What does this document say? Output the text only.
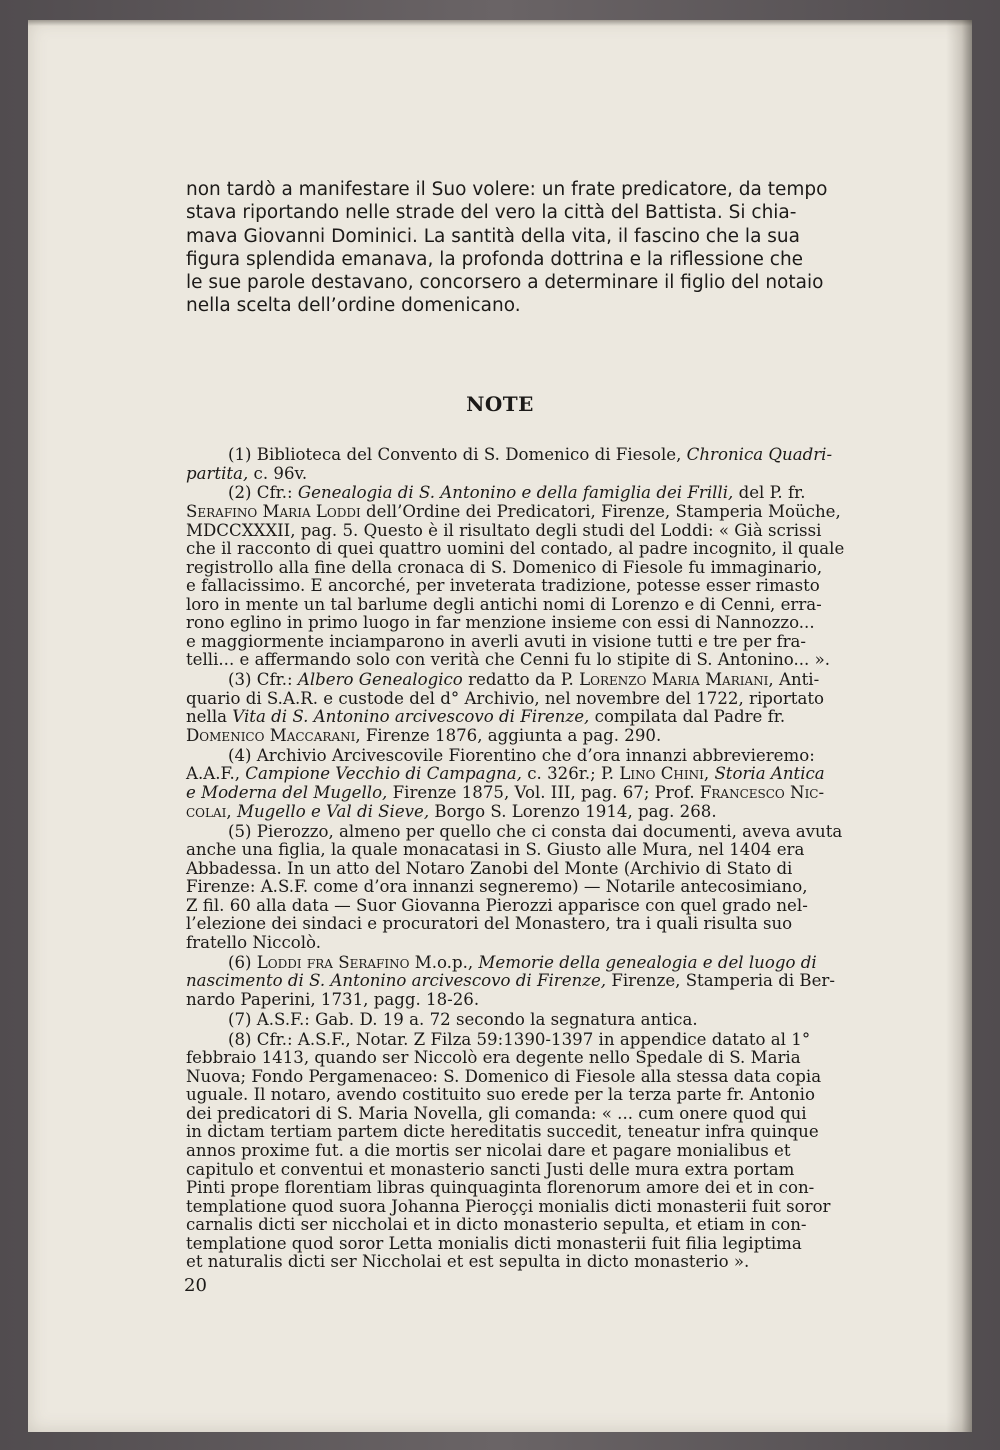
non tardò a manifestare il Suo volere: un frate predicatore, da tempo
stava riportando nelle strade del vero la città del Battista. Si chia-
mava Giovanni Dominici. La santità della vita, il fascino che la sua
figura splendida emanava, la profonda dottrina e la riflessione che
le sue parole destavano, concorsero a determinare il figlio del notaio
nella scelta dell’ordine domenicano.
NOTE
(1) Biblioteca del Convento di S. Domenico di Fiesole, Chronica Quadri-
partita, c. 96v.
(2) Cfr.: Genealogia di S. Antonino e della famiglia dei Frilli, del P. fr.
Serafino Maria Loddi dell’Ordine dei Predicatori, Firenze, Stamperia Moüche,
MDCCXXXII, pag. 5. Questo è il risultato degli studi del Loddi: « Già scrissi
che il racconto di quei quattro uomini del contado, al padre incognito, il quale
registrollo alla fine della cronaca di S. Domenico di Fiesole fu immaginario,
e fallacissimo. E ancorché, per inveterata tradizione, potesse esser rimasto
loro in mente un tal barlume degli antichi nomi di Lorenzo e di Cenni, erra-
rono eglino in primo luogo in far menzione insieme con essi di Nannozzo...
e maggiormente inciamparono in averli avuti in visione tutti e tre per fra-
telli... e affermando solo con verità che Cenni fu lo stipite di S. Antonino... ».
(3) Cfr.: Albero Genealogico redatto da P. Lorenzo Maria Mariani, Anti-
quario di S.A.R. e custode del d° Archivio, nel novembre del 1722, riportato
nella Vita di S. Antonino arcivescovo di Firenze, compilata dal Padre fr.
Domenico Maccarani, Firenze 1876, aggiunta a pag. 290.
(4) Archivio Arcivescovile Fiorentino che d’ora innanzi abbrevieremo:
A.A.F., Campione Vecchio di Campagna, c. 326r.; P. Lino Chini, Storia Antica
e Moderna del Mugello, Firenze 1875, Vol. III, pag. 67; Prof. Francesco Nic-
colai, Mugello e Val di Sieve, Borgo S. Lorenzo 1914, pag. 268.
(5) Pierozzo, almeno per quello che ci consta dai documenti, aveva avuta
anche una figlia, la quale monacatasi in S. Giusto alle Mura, nel 1404 era
Abbadessa. In un atto del Notaro Zanobi del Monte (Archivio di Stato di
Firenze: A.S.F. come d’ora innanzi segneremo) — Notarile antecosimiano,
Z fil. 60 alla data — Suor Giovanna Pierozzi apparisce con quel grado nel-
l’elezione dei sindaci e procuratori del Monastero, tra i quali risulta suo
fratello Niccolò.
(6) Loddi fra Serafino M.o.p., Memorie della genealogia e del luogo di
nascimento di S. Antonino arcivescovo di Firenze, Firenze, Stamperia di Ber-
nardo Paperini, 1731, pagg. 18-26.
(7) A.S.F.: Gab. D. 19 a. 72 secondo la segnatura antica.
(8) Cfr.: A.S.F., Notar. Z Filza 59:1390-1397 in appendice datato al 1°
febbraio 1413, quando ser Niccolò era degente nello Spedale di S. Maria
Nuova; Fondo Pergamenaceo: S. Domenico di Fiesole alla stessa data copia
uguale. Il notaro, avendo costituito suo erede per la terza parte fr. Antonio
dei predicatori di S. Maria Novella, gli comanda: « ... cum onere quod qui
in dictam tertiam partem dicte hereditatis succedit, teneatur infra quinque
annos proxime fut. a die mortis ser nicolai dare et pagare monialibus et
capitulo et conventui et monasterio sancti Justi delle mura extra portam
Pinti prope florentiam libras quinquaginta florenorum amore dei et in con-
templatione quod suora Johanna Pieroççi monialis dicti monasterii fuit soror
carnalis dicti ser niccholai et in dicto monasterio sepulta, et etiam in con-
templatione quod soror Letta monialis dicti monasterii fuit filia legiptima
et naturalis dicti ser Niccholai et est sepulta in dicto monasterio ».
20
